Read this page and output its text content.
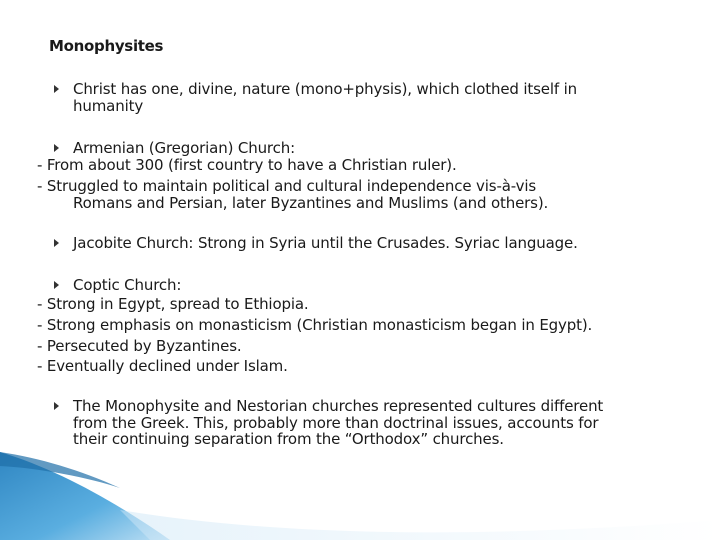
Monophysites
Christ has one, divine, nature (mono+physis), which clothed itself in
humanity
Armenian (Gregorian) Church:
- From about 300 (first country to have a Christian ruler).
- Struggled to maintain political and cultural independence vis-à-vis
Romans and Persian, later Byzantines and Muslims (and others).
Jacobite Church: Strong in Syria until the Crusades. Syriac language.
Coptic Church:
- Strong in Egypt, spread to Ethiopia.
- Strong emphasis on monasticism (Christian monasticism began in Egypt).
- Persecuted by Byzantines.
- Eventually declined under Islam.
The Monophysite and Nestorian churches represented cultures different
from the Greek. This, probably more than doctrinal issues, accounts for
their continuing separation from the “Orthodox” churches.
